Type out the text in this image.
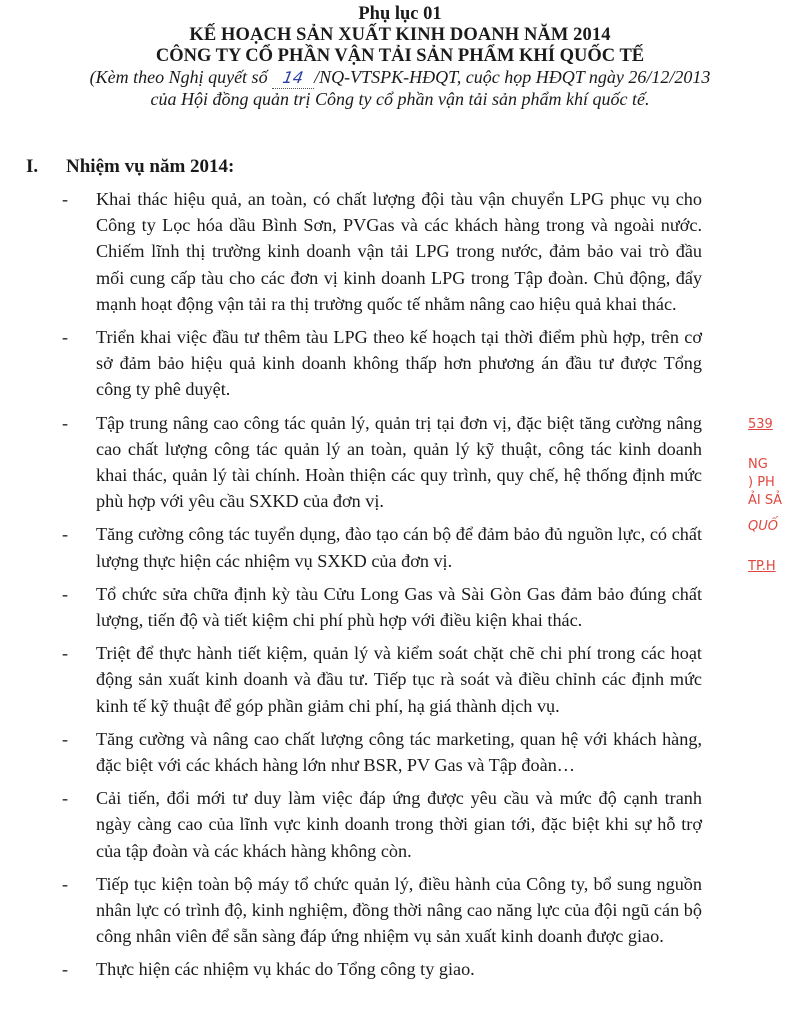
Phụ lục 01

KẾ HOẠCH SẢN XUẤT KINH DOANH NĂM 2014

CÔNG TY CỔ PHẦN VẬN TẢI SẢN PHẨM KHÍ QUỐC TẾ

(Kèm theo Nghị quyết số 14 /NQ-VTSPK-HĐQT, cuộc họp HĐQT ngày 26/12/2013

của Hội đồng quản trị Công ty cổ phần vận tải sản phẩm khí quốc tế.

I. Nhiệm vụ năm 2014:
- Khai thác hiệu quả, an toàn, có chất lượng đội tàu vận chuyển LPG phục vụ cho Công ty Lọc hóa dầu Bình Sơn, PVGas và các khách hàng trong và ngoài nước. Chiếm lĩnh thị trường kinh doanh vận tải LPG trong nước, đảm bảo vai trò đầu mối cung cấp tàu cho các đơn vị kinh doanh LPG trong Tập đoàn. Chủ động, đẩy mạnh hoạt động vận tải ra thị trường quốc tế nhằm nâng cao hiệu quả khai thác.
- Triển khai việc đầu tư thêm tàu LPG theo kế hoạch tại thời điểm phù hợp, trên cơ sở đảm bảo hiệu quả kinh doanh không thấp hơn phương án đầu tư được Tổng công ty phê duyệt.
- Tập trung nâng cao công tác quản lý, quản trị tại đơn vị, đặc biệt tăng cường nâng cao chất lượng công tác quản lý an toàn, quản lý kỹ thuật, công tác kinh doanh khai thác, quản lý tài chính. Hoàn thiện các quy trình, quy chế, hệ thống định mức phù hợp với yêu cầu SXKD của đơn vị.
- Tăng cường công tác tuyển dụng, đào tạo cán bộ để đảm bảo đủ nguồn lực, có chất lượng thực hiện các nhiệm vụ SXKD của đơn vị.
- Tổ chức sửa chữa định kỳ tàu Cửu Long Gas và Sài Gòn Gas đảm bảo đúng chất lượng, tiến độ và tiết kiệm chi phí phù hợp với điều kiện khai thác.
- Triệt để thực hành tiết kiệm, quản lý và kiểm soát chặt chẽ chi phí trong các hoạt động sản xuất kinh doanh và đầu tư. Tiếp tục rà soát và điều chỉnh các định mức kinh tế kỹ thuật để góp phần giảm chi phí, hạ giá thành dịch vụ.
- Tăng cường và nâng cao chất lượng công tác marketing, quan hệ với khách hàng, đặc biệt với các khách hàng lớn như BSR, PV Gas và Tập đoàn…
- Cải tiến, đổi mới tư duy làm việc đáp ứng được yêu cầu và mức độ cạnh tranh ngày càng cao của lĩnh vực kinh doanh trong thời gian tới, đặc biệt khi sự hỗ trợ của tập đoàn và các khách hàng không còn.
- Tiếp tục kiện toàn bộ máy tổ chức quản lý, điều hành của Công ty, bổ sung nguồn nhân lực có trình độ, kinh nghiệm, đồng thời nâng cao năng lực của đội ngũ cán bộ công nhân viên để sẵn sàng đáp ứng nhiệm vụ sản xuất kinh doanh được giao.
- Thực hiện các nhiệm vụ khác do Tổng công ty giao.
539
NG
) PH
ẢI SẢ
QUỐ
TP.H
